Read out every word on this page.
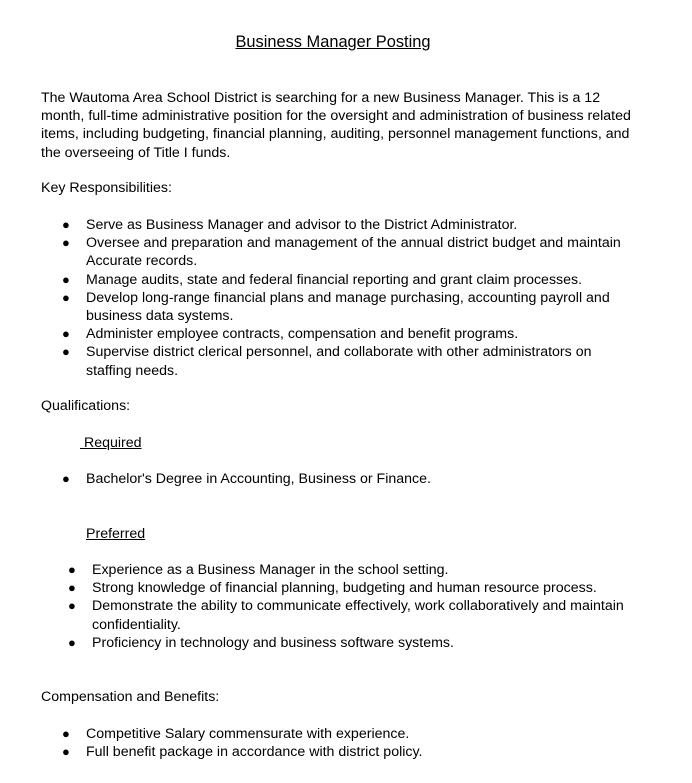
Business Manager Posting

The Wautoma Area School District is searching for a new Business Manager. This is a 12 month, full-time administrative position for the oversight and administration of business related items, including budgeting, financial planning, auditing, personnel management functions, and the overseeing of Title I funds.

Key Responsibilities:

● Serve as Business Manager and advisor to the District Administrator.
● Oversee and preparation and management of the annual district budget and maintain Accurate records.
● Manage audits, state and federal financial reporting and grant claim processes.
● Develop long-range financial plans and manage purchasing, accounting payroll and business data systems.
● Administer employee contracts, compensation and benefit programs.
● Supervise district clerical personnel, and collaborate with other administrators on staffing needs.

Qualifications:

Required

● Bachelor's Degree in Accounting, Business or Finance.

Preferred

● Experience as a Business Manager in the school setting.
● Strong knowledge of financial planning, budgeting and human resource process.
● Demonstrate the ability to communicate effectively, work collaboratively and maintain confidentiality.
● Proficiency in technology and business software systems.

Compensation and Benefits:

● Competitive Salary commensurate with experience.
● Full benefit package in accordance with district policy.
